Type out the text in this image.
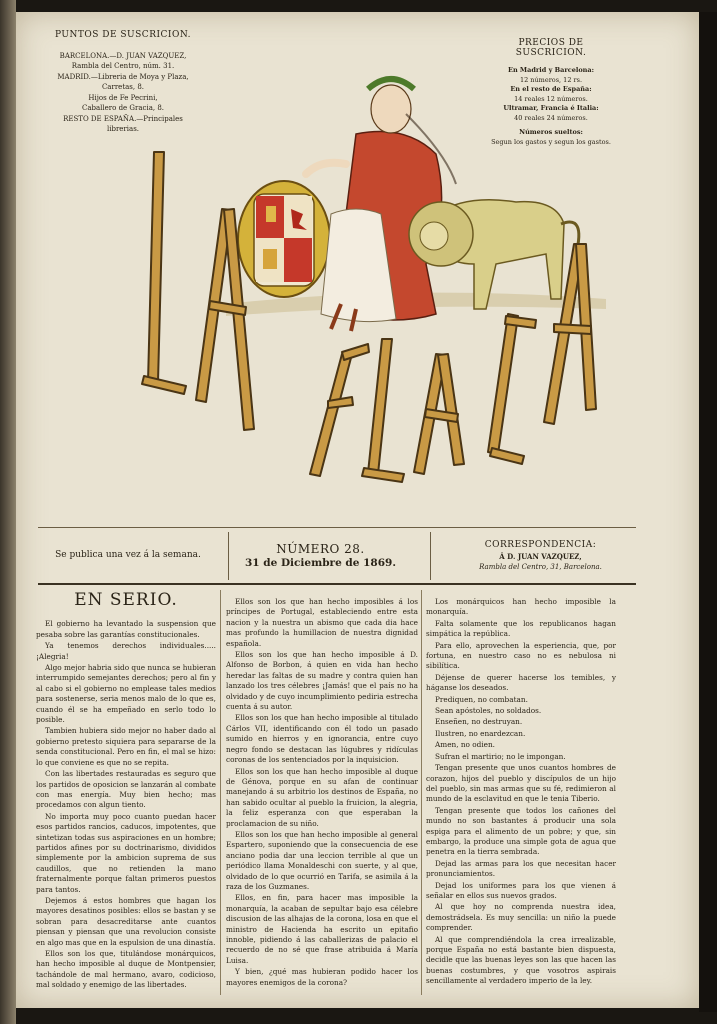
PUNTOS DE SUSCRICION.
BARCELONA.—D. JUAN VAZQUEZ,
Rambla del Centro, núm. 31.
MADRID.—Libreria de Moya y Plaza,
Carretas, 8.
Hijos de Fe Pecrini,
Caballero de Gracia, 8.
RESTO DE ESPAÑA.—Principales
librerias.
PRECIOS DE SUSCRICION.
En Madrid y Barcelona:
12 números, 12 rs.
En el resto de España:
14 reales 12 números.
Ultramar, Francia é Italia:
40 reales 24 números.
Números sueltos:
Segun los gastos y segun los gastos.
Se publica una vez á la semana.	NÚMERO 28.
31 de Diciembre de 1869.
CORRESPONDENCIA:
Á D. JUAN VAZQUEZ,
Rambla del Centro, 31, Barcelona.
EN SERIO.

El gobierno ha levantado la suspension que pesaba sobre las garantías constitucionales.

Ya tenemos derechos individuales..... ¡Alegria!

Algo mejor habria sido que nunca se hubieran interrumpido semejantes derechos; pero al fin y al cabo si el gobierno no emplease tales medios para sostenerse, seria menos malo de lo que es, cuando él se ha empeñado en serlo todo lo posible.

Tambien hubiera sido mejor no haber dado al gobierno pretesto siquiera para separarse de la senda constitucional. Pero en fin, el mal se hizo: lo que conviene es que no se repita.

Con las libertades restauradas es seguro que los partidos de oposicion se lanzarán al combate con mas energía. Muy bien hecho; mas procedamos con algun tiento.

No importa muy poco cuanto puedan hacer esos partidos rancios, caducos, impotentes, que sintetizan todas sus aspiraciones en un hombre; partidos afines por su doctrinarismo, divididos simplemente por la ambicion suprema de sus caudillos, que no retienden la mano fraternalmente porque faltan primeros puestos para tantos.

Dejemos á estos hombres que hagan los mayores desatinos posibles: ellos se bastan y se sobran para desacreditarse ante cuantos piensan y piensan que una revolucion consiste en algo mas que en la espulsion de una dinastía.

Ellos son los que, titulándose monárquicos, han hecho imposible al duque de Montpensier, tachándole de mal hermano, avaro, codicioso, mal soldado y enemigo de las libertades.

Ellos son los que han hecho imposibles á los príncipes de Portugal, estableciendo entre esta nacion y la nuestra un abismo que cada dia hace mas profundo la humillacion de nuestra dignidad española.

Ellos son los que han hecho imposible á D. Alfonso de Borbon, á quien en vida han hecho heredar las faltas de su madre y contra quien han lanzado los tres célebres ¡Jamás! que el país no ha olvidado y de cuyo incumplimiento pediria estrecha cuenta á su autor.

Ellos son los que han hecho imposible al titulado Cárlos VII, identificando con él todo un pasado sumido en hierros y en ignorancia, entre cuyo negro fondo se destacan las lúgubres y ridículas coronas de los sentenciados por la inquisicion.

Ellos son los que han hecho imposible al duque de Génova, porque en su afan de continuar manejando á su arbitrio los destinos de España, no han sabido ocultar al pueblo la fruicion, la alegria, la feliz esperanza con que esperaban la proclamacion de su niño.

Ellos son los que han hecho imposible al general Espartero, suponiendo que la consecuencia de ese anciano podia dar una leccion terrible al que un periódico llama Monaldeschi con suerte, y al que, olvidado de lo que ocurrió en Tarifa, se asimila á la raza de los Guzmanes.

Ellos, en fin, para hacer mas imposible la monarquía, la acaban de sepultar bajo esa célebre discusion de las alhajas de la corona, losa en que el ministro de Hacienda ha escrito un epitafio innoble, pidiendo á las caballerizas de palacio el recuerdo de no sé que frase atribuida á María Luisa.

Y bien, ¿qué mas hubieran podido hacer los mayores enemigos de la corona?

Los monárquicos han hecho imposible la monarquía.

Falta solamente que los republicanos hagan simpática la república.

Para ello, aprovechen la esperiencia, que, por fortuna, en nuestro caso no es nebulosa ni sibilítica.

Déjense de querer hacerse los temibles, y háganse los deseados.

Prediquen, no combatan.

Sean apóstoles, no soldados.

Enseñen, no destruyan.

Ilustren, no enardezcan.

Amen, no odien.

Sufran el martirio; no le impongan.

Tengan presente que unos cuantos hombres de corazon, hijos del pueblo y discípulos de un hijo del pueblo, sin mas armas que su fé, redimieron al mundo de la esclavitud en que le tenia Tiberio.

Tengan presente que todos los cañones del mundo no son bastantes á producir una sola espiga para el alimento de un pobre; y que, sin embargo, la produce una simple gota de agua que penetra en la tierra sembrada.

Dejad las armas para los que necesitan hacer pronunciamientos.

Dejad los uniformes para los que vienen á señalar en ellos sus nuevos grados.

Al que hoy no comprenda nuestra idea, demostrádsela. Es muy sencilla: un niño la puede comprender.

Al que comprendiéndola la crea irrealizable, porque España no está bastante bien dispuesta, decidle que las buenas leyes son las que hacen las buenas costumbres, y que vosotros aspirais sencillamente al verdadero imperio de la ley.
